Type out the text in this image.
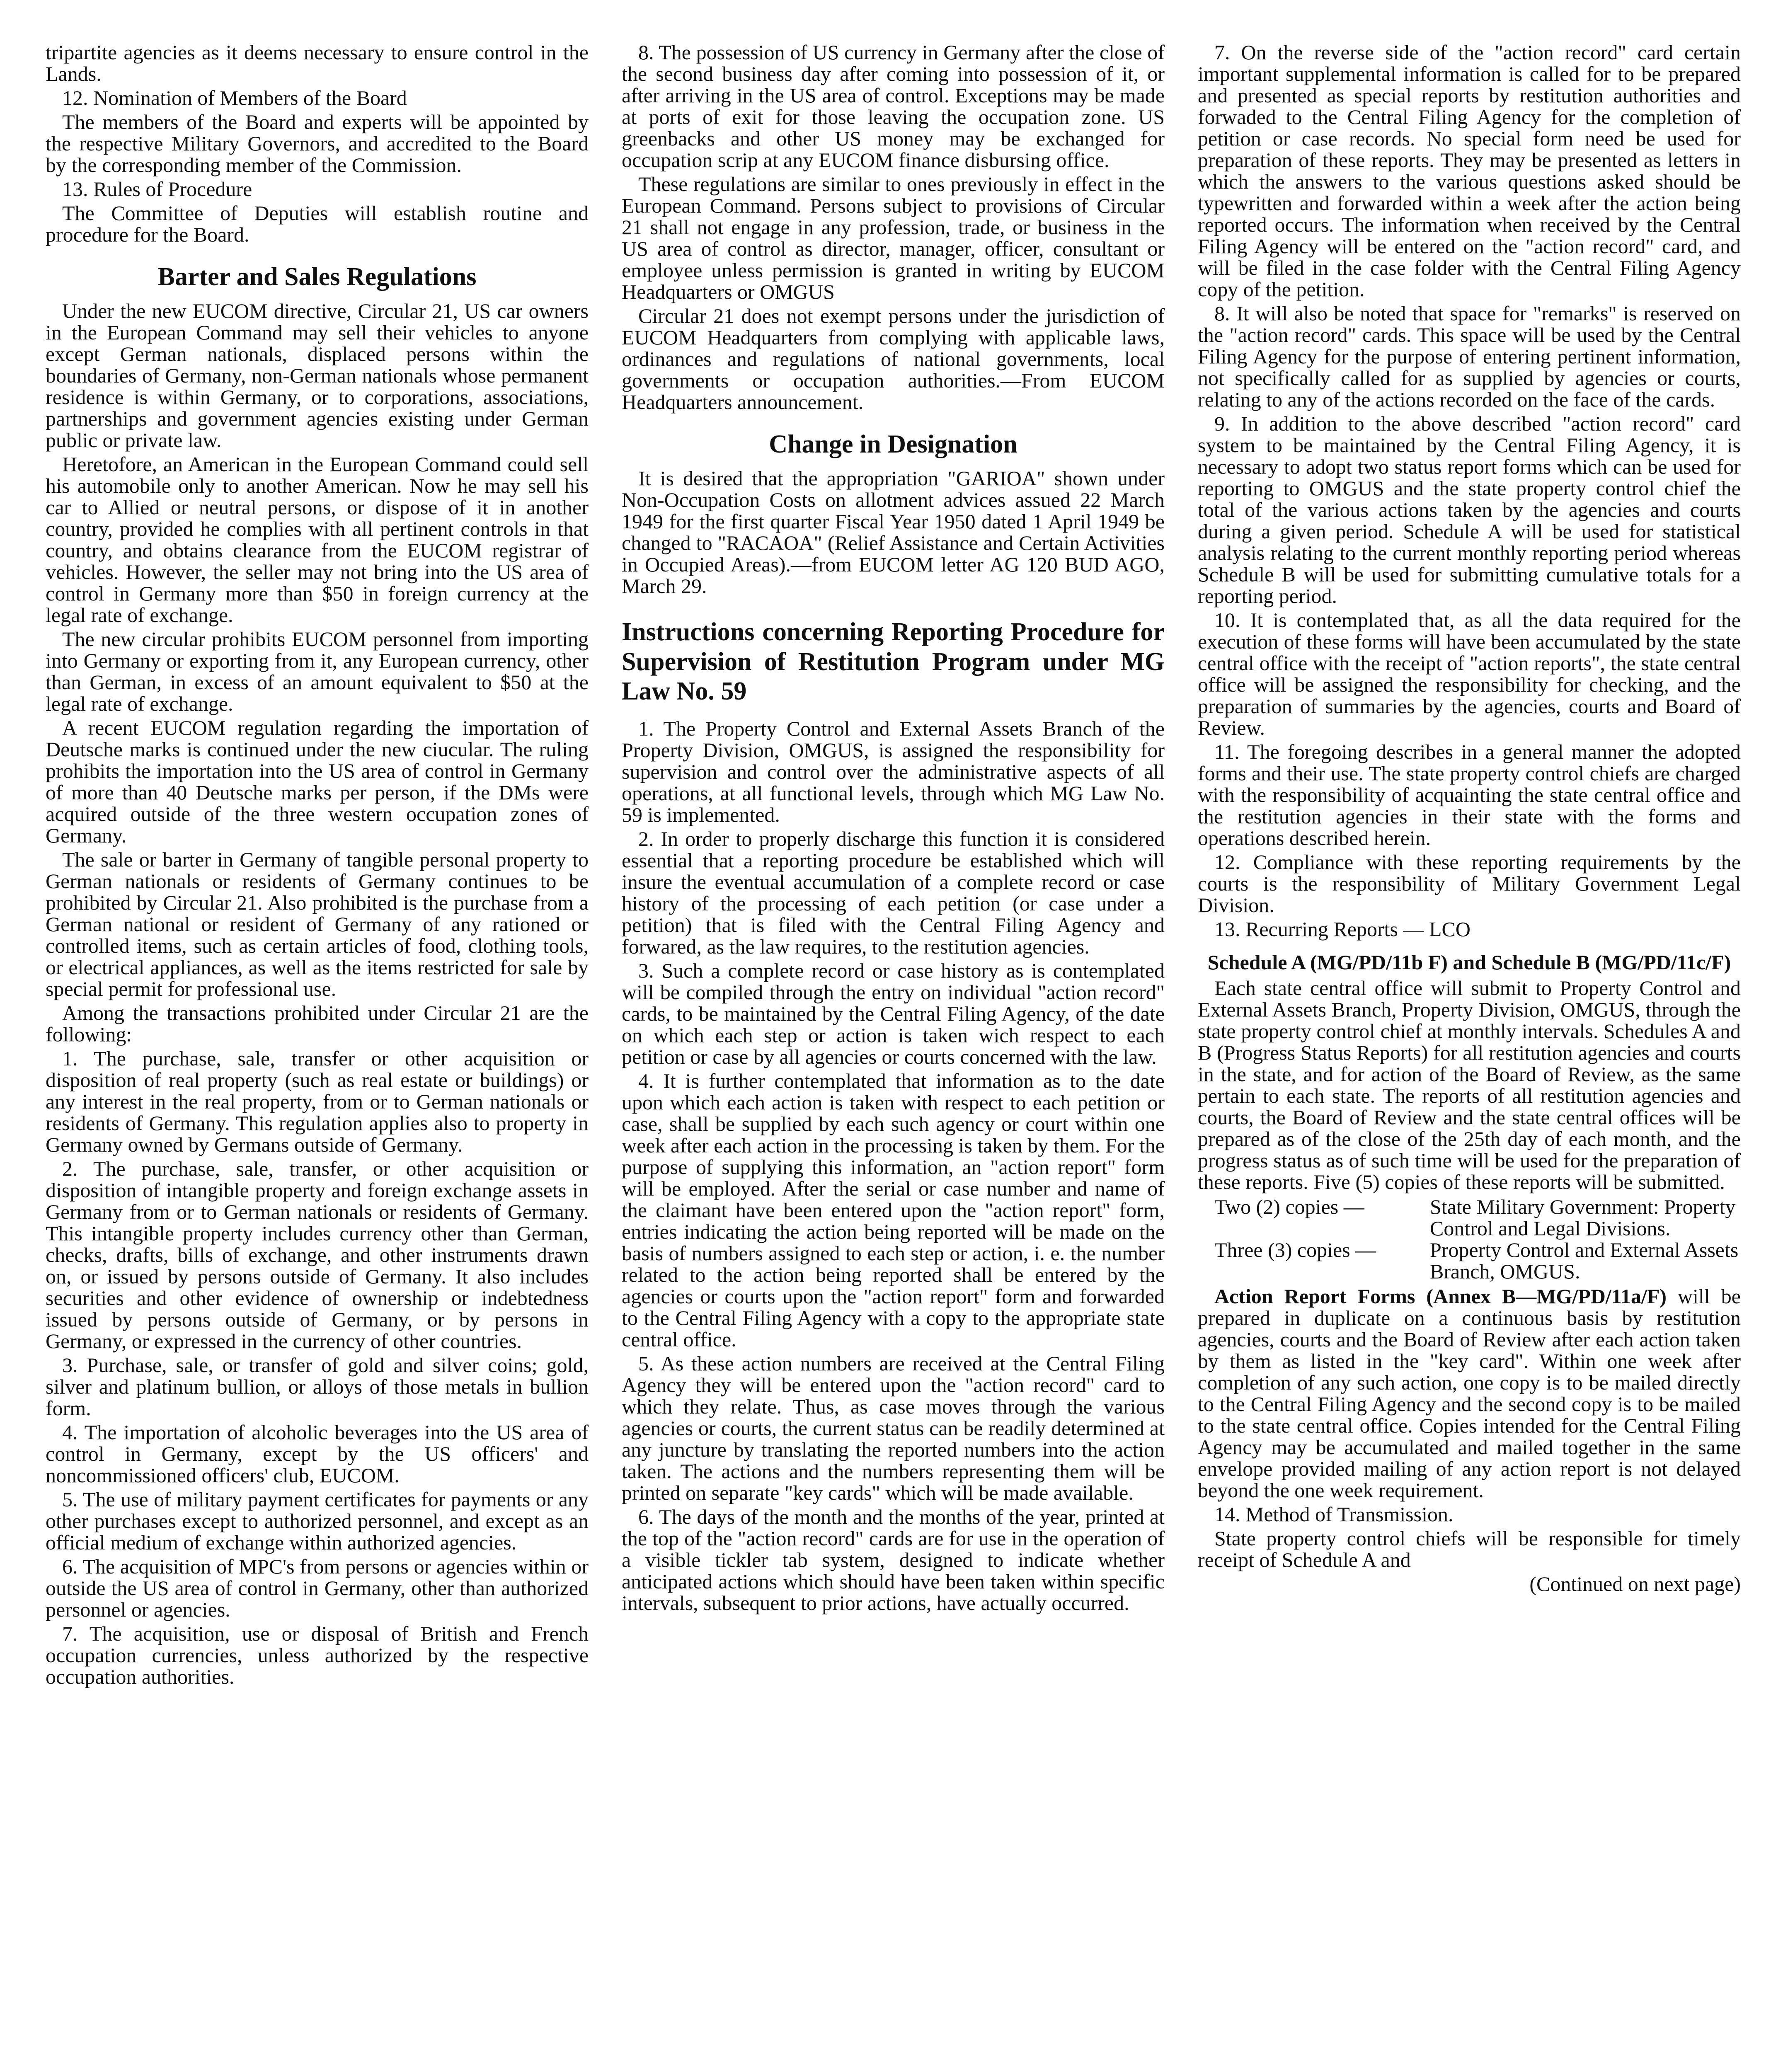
tripartite agencies as it deems necessary to ensure control in the Lands.

12. Nomination of Members of the Board

The members of the Board and experts will be appointed by the respective Military Governors, and accredited to the Board by the corresponding member of the Commission.

13. Rules of Procedure

The Committee of Deputies will establish routine and procedure for the Board.

Barter and Sales Regulations

Under the new EUCOM directive, Circular 21, US car owners in the European Command may sell their vehicles to anyone except German nationals, displaced persons within the boundaries of Germany, non-German nationals whose permanent residence is within Germany, or to corporations, associations, partnerships and government agencies existing under German public or private law.

Heretofore, an American in the European Command could sell his automobile only to another American. Now he may sell his car to Allied or neutral persons, or dispose of it in another country, provided he complies with all pertinent controls in that country, and obtains clearance from the EUCOM registrar of vehicles. However, the seller may not bring into the US area of control in Germany more than $50 in foreign currency at the legal rate of exchange.

The new circular prohibits EUCOM personnel from importing into Germany or exporting from it, any European currency, other than German, in excess of an amount equivalent to $50 at the legal rate of exchange.

A recent EUCOM regulation regarding the importation of Deutsche marks is continued under the new ciucular. The ruling prohibits the importation into the US area of control in Germany of more than 40 Deutsche marks per person, if the DMs were acquired outside of the three western occupation zones of Germany.

The sale or barter in Germany of tangible personal property to German nationals or residents of Germany continues to be prohibited by Circular 21. Also prohibited is the purchase from a German national or resident of Germany of any rationed or controlled items, such as certain articles of food, clothing tools, or electrical appliances, as well as the items restricted for sale by special permit for professional use.

Among the transactions prohibited under Circular 21 are the following:

1. The purchase, sale, transfer or other acquisition or disposition of real property (such as real estate or buildings) or any interest in the real property, from or to German nationals or residents of Germany. This regulation applies also to property in Germany owned by Germans outside of Germany.

2. The purchase, sale, transfer, or other acquisition or disposition of intangible property and foreign exchange assets in Germany from or to German nationals or residents of Germany. This intangible property includes currency other than German, checks, drafts, bills of exchange, and other instruments drawn on, or issued by persons outside of Germany. It also includes securities and other evidence of ownership or indebtedness issued by persons outside of Germany, or by persons in Germany, or expressed in the currency of other countries.

3. Purchase, sale, or transfer of gold and silver coins; gold, silver and platinum bullion, or alloys of those metals in bullion form.

4. The importation of alcoholic beverages into the US area of control in Germany, except by the US officers' and noncommissioned officers' club, EUCOM.

5. The use of military payment certificates for payments or any other purchases except to authorized personnel, and except as an official medium of exchange within authorized agencies.

6. The acquisition of MPC's from persons or agencies within or outside the US area of control in Germany, other than authorized personnel or agencies.

7. The acquisition, use or disposal of British and French occupation currencies, unless authorized by the respective occupation authorities.

8. The possession of US currency in Germany after the close of the second business day after coming into possession of it, or after arriving in the US area of control. Exceptions may be made at ports of exit for those leaving the occupation zone. US greenbacks and other US money may be exchanged for occupation scrip at any EUCOM finance disbursing office.

These regulations are similar to ones previously in effect in the European Command. Persons subject to provisions of Circular 21 shall not engage in any profession, trade, or business in the US area of control as director, manager, officer, consultant or employee unless permission is granted in writing by EUCOM Headquarters or OMGUS

Circular 21 does not exempt persons under the jurisdiction of EUCOM Headquarters from complying with applicable laws, ordinances and regulations of national governments, local governments or occupation authorities.—From EUCOM Headquarters announcement.

Change in Designation

It is desired that the appropriation "GARIOA" shown under Non-Occupation Costs on allotment advices assued 22 March 1949 for the first quarter Fiscal Year 1950 dated 1 April 1949 be changed to "RACAOA" (Relief Assistance and Certain Activities in Occupied Areas).—from EUCOM letter AG 120 BUD AGO, March 29.

Instructions concerning Reporting Procedure for Supervision of Restitution Program under MG Law No. 59

1. The Property Control and External Assets Branch of the Property Division, OMGUS, is assigned the responsibility for supervision and control over the administrative aspects of all operations, at all functional levels, through which MG Law No. 59 is implemented.

2. In order to properly discharge this function it is considered essential that a reporting procedure be established which will insure the eventual accumulation of a complete record or case history of the processing of each petition (or case under a petition) that is filed with the Central Filing Agency and forwared, as the law requires, to the restitution agencies.

3. Such a complete record or case history as is contemplated will be compiled through the entry on individual "action record" cards, to be maintained by the Central Filing Agency, of the date on which each step or action is taken wich respect to each petition or case by all agencies or courts concerned with the law.

4. It is further contemplated that information as to the date upon which each action is taken with respect to each petition or case, shall be supplied by each such agency or court within one week after each action in the processing is taken by them. For the purpose of supplying this information, an "action report" form will be employed. After the serial or case number and name of the claimant have been entered upon the "action report" form, entries indicating the action being reported will be made on the basis of numbers assigned to each step or action, i. e. the number related to the action being reported shall be entered by the agencies or courts upon the "action report" form and forwarded to the Central Filing Agency with a copy to the appropriate state central office.

5. As these action numbers are received at the Central Filing Agency they will be entered upon the "action record" card to which they relate. Thus, as case moves through the various agencies or courts, the current status can be readily determined at any juncture by translating the reported numbers into the action taken. The actions and the numbers representing them will be printed on separate "key cards" which will be made available.

6. The days of the month and the months of the year, printed at the top of the "action record" cards are for use in the operation of a visible tickler tab system, designed to indicate whether anticipated actions which should have been taken within specific intervals, subsequent to prior actions, have actually occurred.

7. On the reverse side of the "action record" card certain important supplemental information is called for to be prepared and presented as special reports by restitution authorities and forwaded to the Central Filing Agency for the completion of petition or case records. No special form need be used for preparation of these reports. They may be presented as letters in which the answers to the various questions asked should be typewritten and forwarded within a week after the action being reported occurs. The information when received by the Central Filing Agency will be entered on the "action record" card, and will be filed in the case folder with the Central Filing Agency copy of the petition.

8. It will also be noted that space for "remarks" is reserved on the "action record" cards. This space will be used by the Central Filing Agency for the purpose of entering pertinent information, not specifically called for as supplied by agencies or courts, relating to any of the actions recorded on the face of the cards.

9. In addition to the above described "action record" card system to be maintained by the Central Filing Agency, it is necessary to adopt two status report forms which can be used for reporting to OMGUS and the state property control chief the total of the various actions taken by the agencies and courts during a given period. Schedule A will be used for statistical analysis relating to the current monthly reporting period whereas Schedule B will be used for submitting cumulative totals for a reporting period.

10. It is contemplated that, as all the data required for the execution of these forms will have been accumulated by the state central office with the receipt of "action reports", the state central office will be assigned the responsibility for checking, and the preparation of summaries by the agencies, courts and Board of Review.

11. The foregoing describes in a general manner the adopted forms and their use. The state property control chiefs are charged with the responsibility of acquainting the state central office and the restitution agencies in their state with the forms and operations described herein.

12. Compliance with these reporting requirements by the courts is the responsibility of Military Government Legal Division.

13. Recurring Reports — LCO

Schedule A (MG/PD/11b F) and Schedule B (MG/PD/11c/F)

Each state central office will submit to Property Control and External Assets Branch, Property Division, OMGUS, through the state property control chief at monthly intervals. Schedules A and B (Progress Status Reports) for all restitution agencies and courts in the state, and for action of the Board of Review, as the same pertain to each state. The reports of all restitution agencies and courts, the Board of Review and the state central offices will be prepared as of the close of the 25th day of each month, and the progress status as of such time will be used for the preparation of these reports. Five (5) copies of these reports will be submitted.

Two (2) copies —	State Military Government: Property Control and Legal Divisions.
Three (3) copies —	Property Control and External Assets Branch, OMGUS.

Action Report Forms (Annex B—MG/PD/11a/F) will be prepared in duplicate on a continuous basis by restitution agencies, courts and the Board of Review after each action taken by them as listed in the "key card". Within one week after completion of any such action, one copy is to be mailed directly to the Central Filing Agency and the second copy is to be mailed to the state central office. Copies intended for the Central Filing Agency may be accumulated and mailed together in the same envelope provided mailing of any action report is not delayed beyond the one week requirement.

14. Method of Transmission.

State property control chiefs will be responsible for timely receipt of Schedule A and

(Continued on next page)
